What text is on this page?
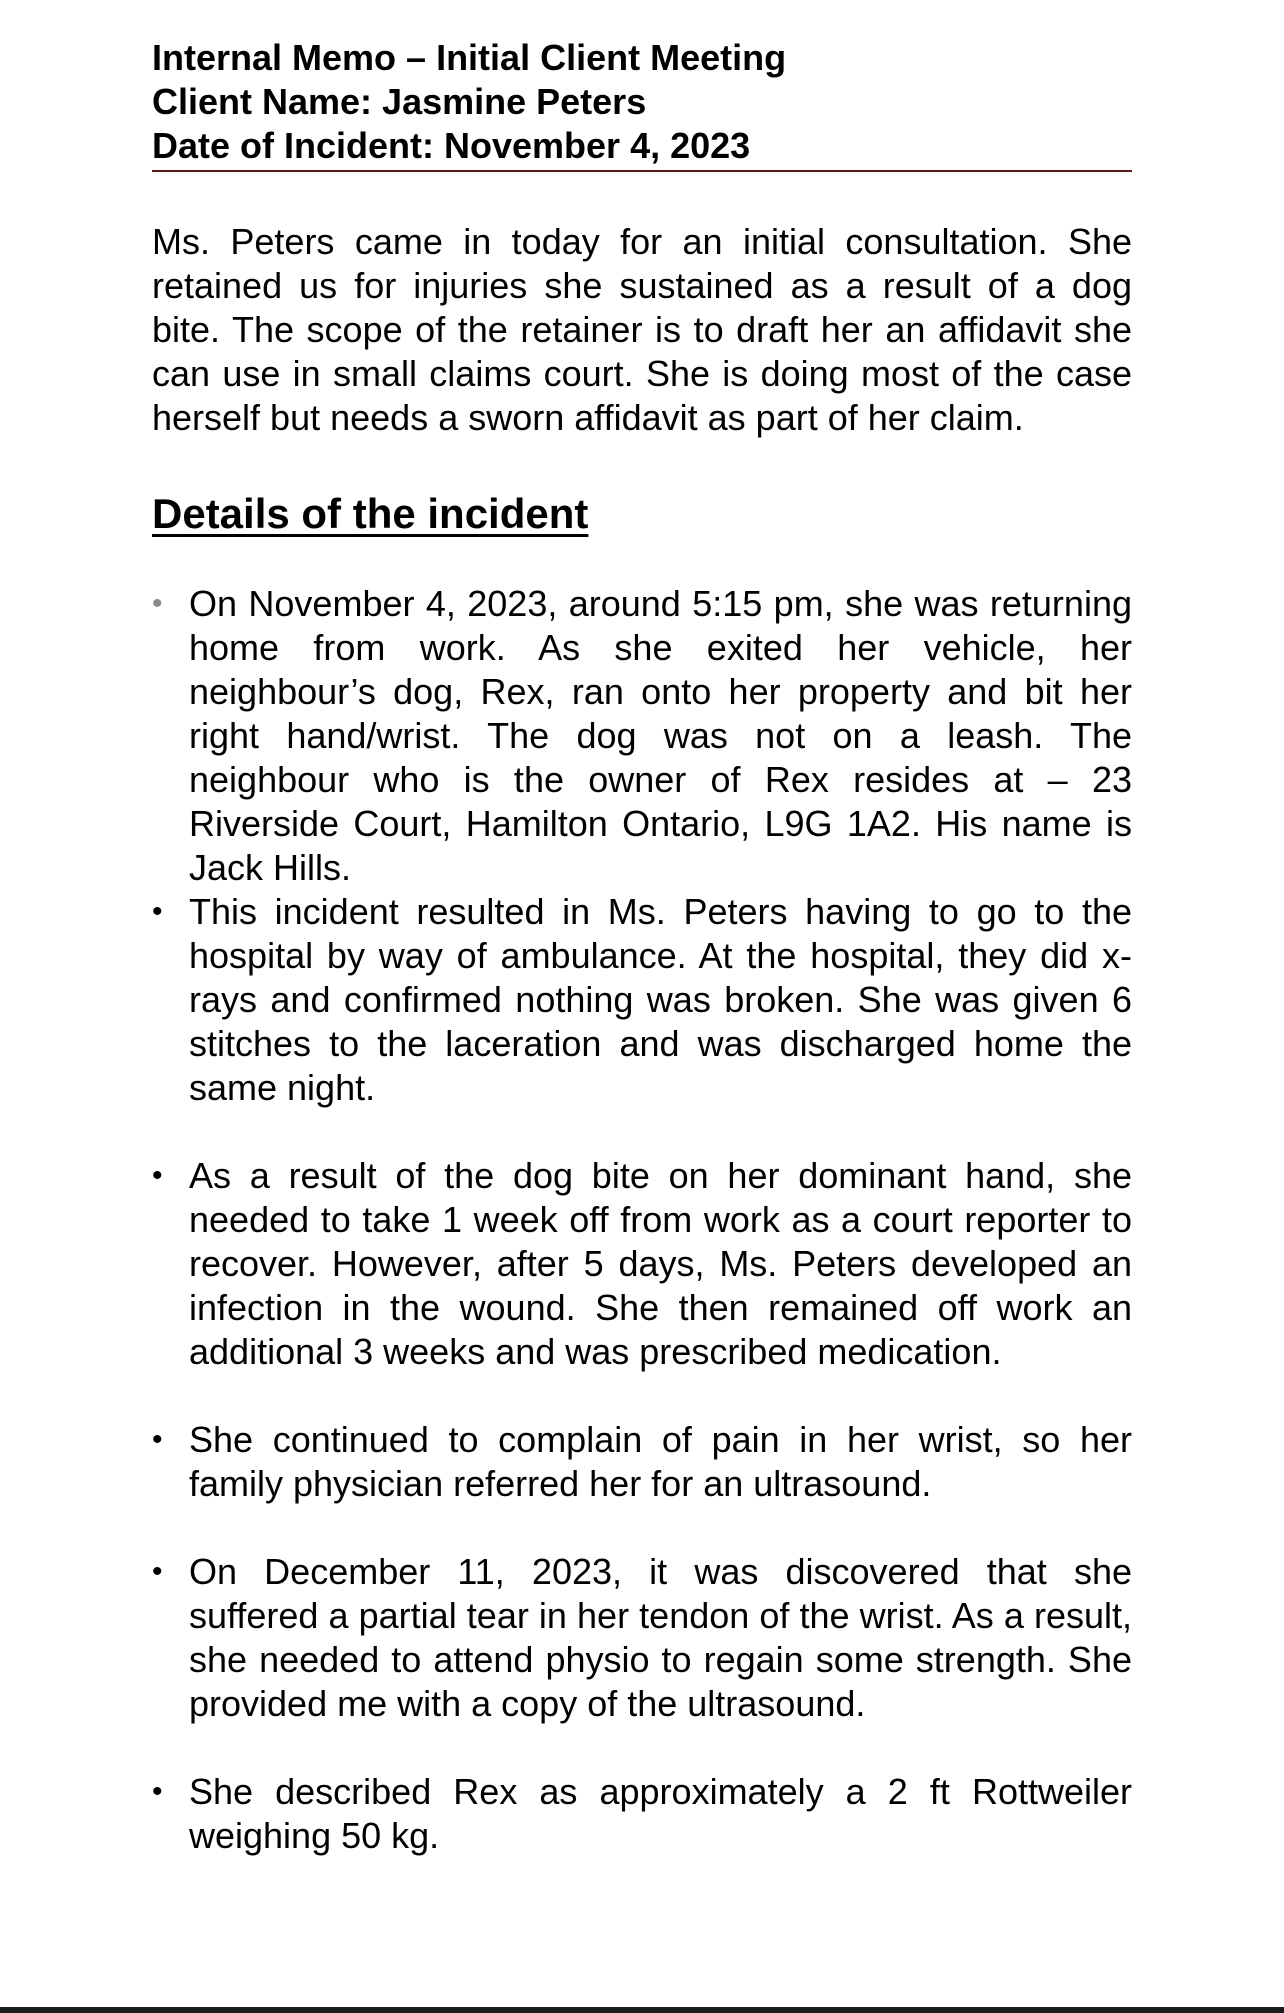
Internal Memo – Initial Client Meeting

Client Name: Jasmine Peters

Date of Incident: November 4, 2023

Ms. Peters came in today for an initial consultation. She retained us for injuries she sustained as a result of a dog bite. The scope of the retainer is to draft her an affidavit she can use in small claims court. She is doing most of the case herself but needs a sworn affidavit as part of her claim.
Details of the incident
• On November 4, 2023, around 5:15 pm, she was returning home from work. As she exited her vehicle, her neighbour’s dog, Rex, ran onto her property and bit her right hand/wrist. The dog was not on a leash. The neighbour who is the owner of Rex resides at – 23 Riverside Court, Hamilton Ontario, L9G 1A2. His name is Jack Hills.
• This incident resulted in Ms. Peters having to go to the hospital by way of ambulance. At the hospital, they did x-rays and confirmed nothing was broken. She was given 6 stitches to the laceration and was discharged home the same night.
• As a result of the dog bite on her dominant hand, she needed to take 1 week off from work as a court reporter to recover. However, after 5 days, Ms. Peters developed an infection in the wound. She then remained off work an additional 3 weeks and was prescribed medication.
• She continued to complain of pain in her wrist, so her family physician referred her for an ultrasound.
• On December 11, 2023, it was discovered that she suffered a partial tear in her tendon of the wrist. As a result, she needed to attend physio to regain some strength. She provided me with a copy of the ultrasound.
• She described Rex as approximately a 2 ft Rottweiler weighing 50 kg.
